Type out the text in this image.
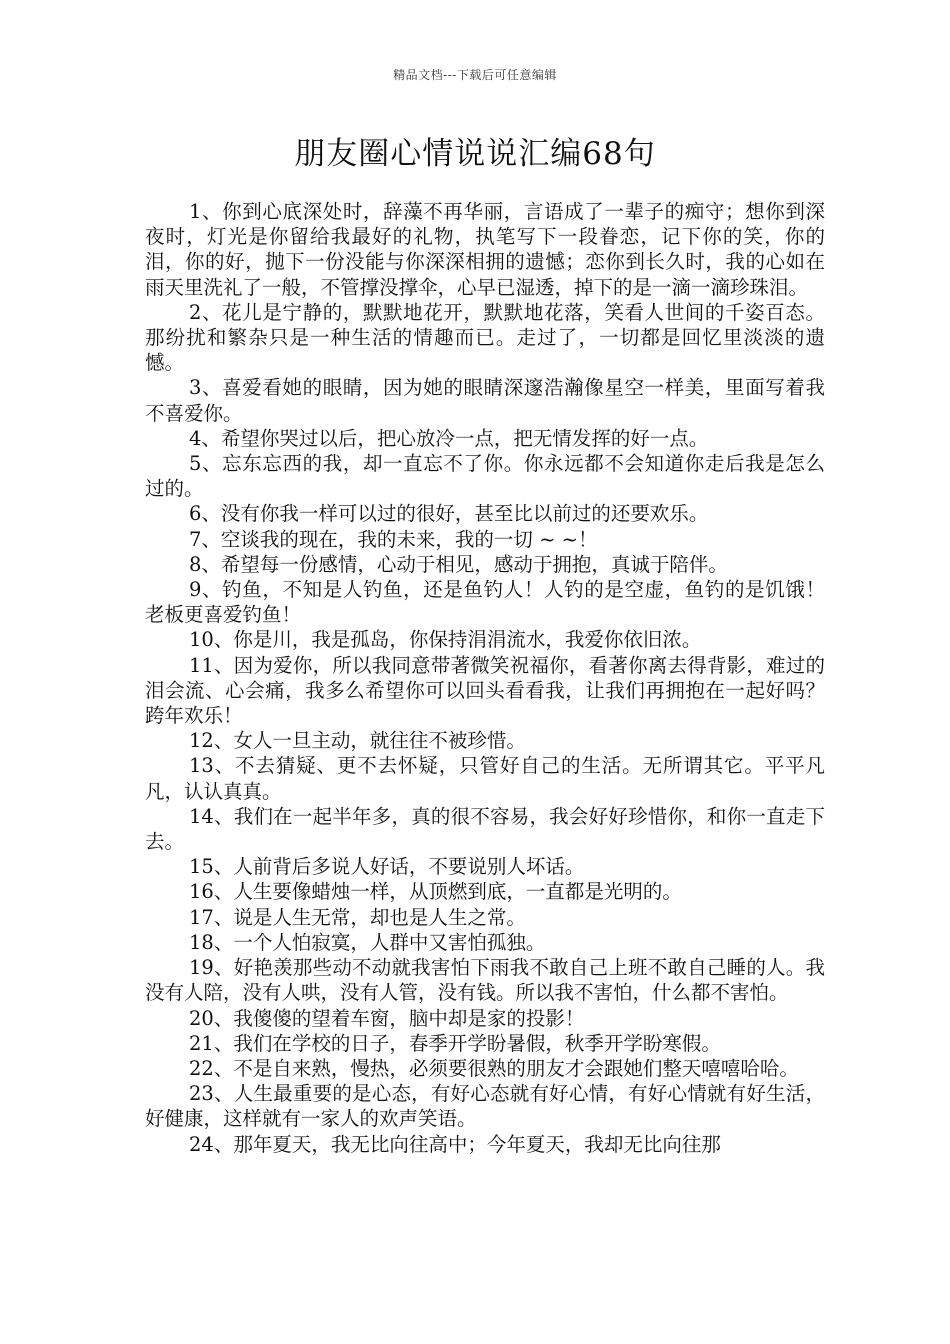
精品文档---下载后可任意编辑
朋友圈心情说说汇编68句

1、你到心底深处时，辞藻不再华丽，言语成了一辈子的痴守；想你到深夜时，灯光是你留给我最好的礼物，执笔写下一段眷恋，记下你的笑，你的泪，你的好，抛下一份没能与你深深相拥的遗憾；恋你到长久时，我的心如在雨天里洗礼了一般，不管撑没撑伞，心早已湿透，掉下的是一滴一滴珍珠泪。

2、花儿是宁静的，默默地花开，默默地花落，笑看人世间的千姿百态。那纷扰和繁杂只是一种生活的情趣而已。走过了，一切都是回忆里淡淡的遗憾。

3、喜爱看她的眼睛，因为她的眼睛深邃浩瀚像星空一样美，里面写着我不喜爱你。

4、希望你哭过以后，把心放冷一点，把无情发挥的好一点。

5、忘东忘西的我，却一直忘不了你。你永远都不会知道你走后我是怎么过的。

6、没有你我一样可以过的很好，甚至比以前过的还要欢乐。

7、空谈我的现在，我的未来，我的一切 ~ ~！

8、希望每一份感情，心动于相见，感动于拥抱，真诚于陪伴。

9、钓鱼，不知是人钓鱼，还是鱼钓人！人钓的是空虚，鱼钓的是饥饿！老板更喜爱钓鱼！

10、你是川，我是孤岛，你保持涓涓流水，我爱你依旧浓。

11、因为爱你，所以我同意带著微笑祝福你，看著你离去得背影，难过的泪会流、心会痛，我多么希望你可以回头看看我，让我们再拥抱在一起好吗？ 跨年欢乐！

12、女人一旦主动，就往往不被珍惜。

13、不去猜疑、更不去怀疑，只管好自己的生活。无所谓其它。平平凡凡，认认真真。

14、我们在一起半年多，真的很不容易，我会好好珍惜你，和你一直走下去。

15、人前背后多说人好话，不要说别人坏话。

16、人生要像蜡烛一样，从顶燃到底，一直都是光明的。

17、说是人生无常，却也是人生之常。

18、一个人怕寂寞，人群中又害怕孤独。

19、好艳羡那些动不动就我害怕下雨我不敢自己上班不敢自己睡的人。我没有人陪，没有人哄，没有人管，没有钱。所以我不害怕，什么都不害怕。

20、我傻傻的望着车窗，脑中却是家的投影！

21、我们在学校的日子，春季开学盼暑假，秋季开学盼寒假。

22、不是自来熟，慢热，必须要很熟的朋友才会跟她们整天嘻嘻哈哈。

23、人生最重要的是心态，有好心态就有好心情，有好心情就有好生活，好健康，这样就有一家人的欢声笑语。

24、那年夏天，我无比向往高中；今年夏天，我却无比向往那
